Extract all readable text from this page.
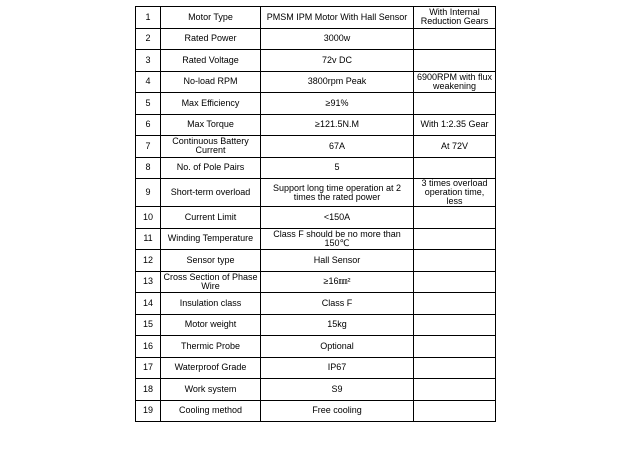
1	Motor Type	PMSM IPM Motor With Hall Sensor	With Internal Reduction Gears
2	Rated Power	3000w	
3	Rated Voltage	72v DC	
4	No-load RPM	3800rpm Peak	6900RPM with flux weakening
5	Max Efficiency	≥91%	
6	Max Torque	≥121.5N.M	With 1:2.35 Gear
7	Continuous Battery Current	67A	At 72V
8	No. of Pole Pairs	5	
9	Short-term overload	Support long time operation at 2 times the rated power	3 times overload operation time, less
10	Current Limit	<150A	
11	Winding Temperature	Class F should be no more than 150℃	
12	Sensor type	Hall Sensor	
13	Cross Section of Phase Wire	≥16㎜²	
14	Insulation class	Class F	
15	Motor weight	15kg	
16	Thermic Probe	Optional	
17	Waterproof Grade	IP67	
18	Work system	S9	
19	Cooling method	Free cooling	
